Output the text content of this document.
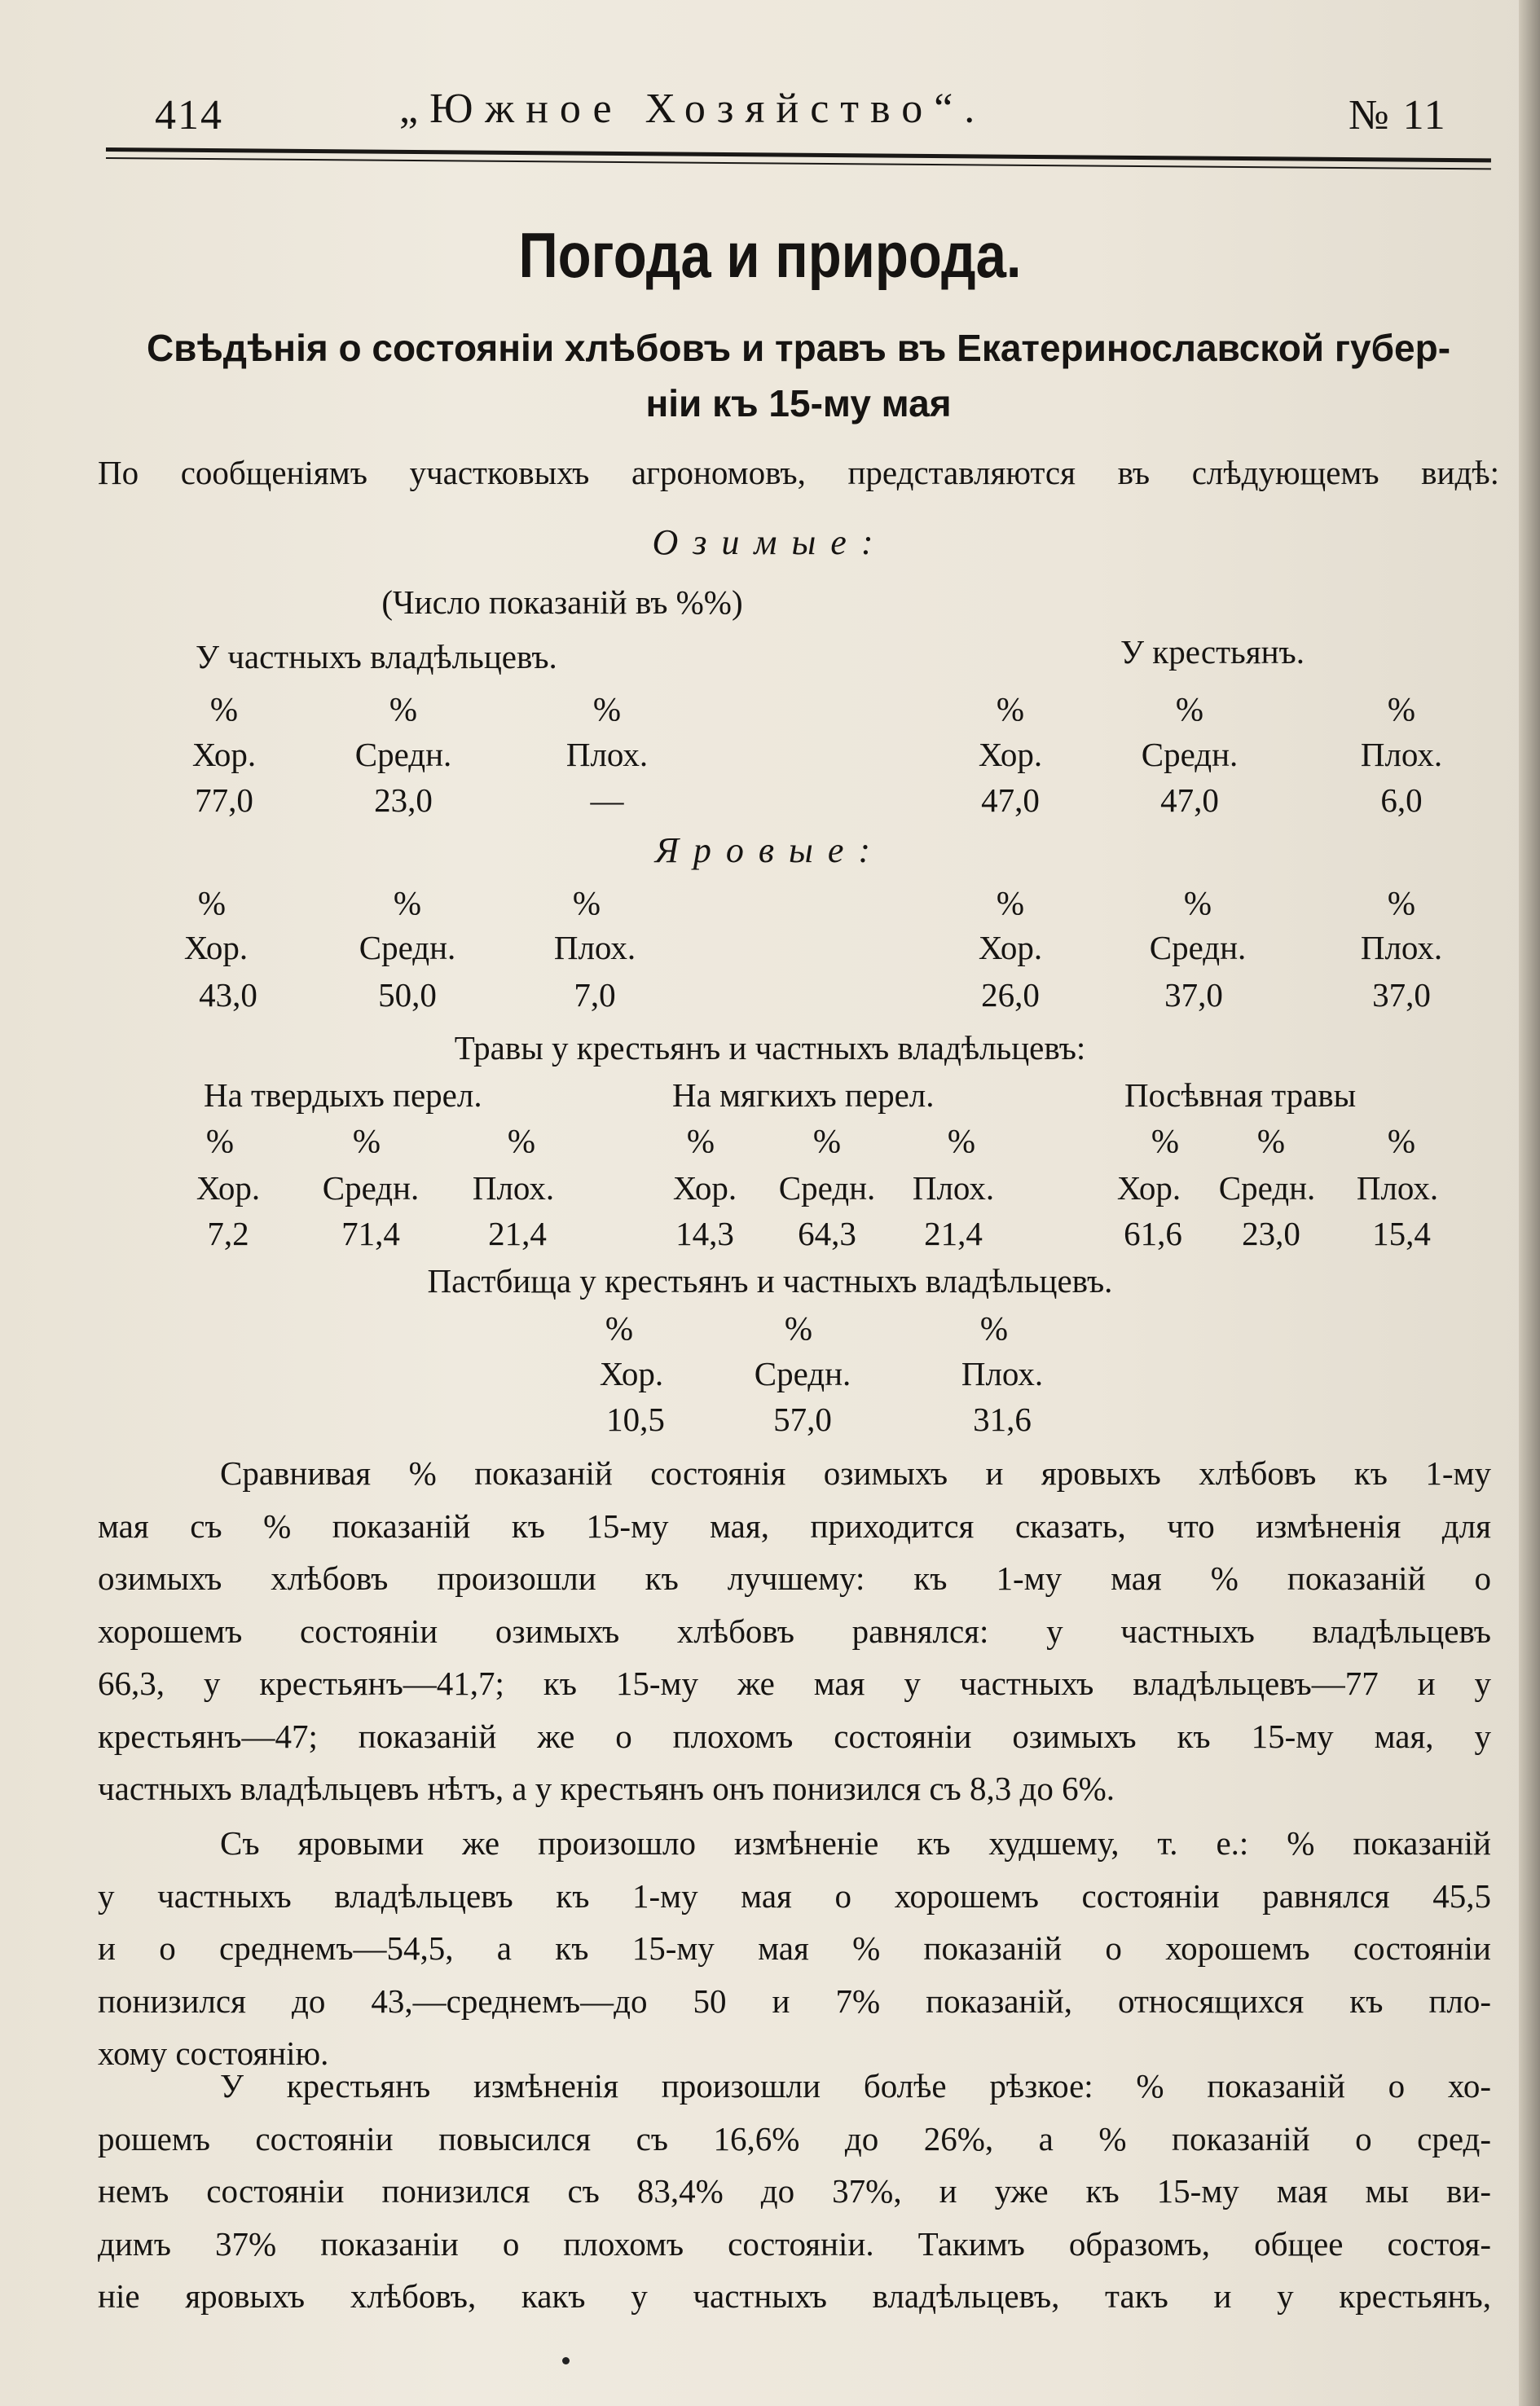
414	„Южное Хозяйство“.	№ 11
Погода и природа.
Свѣдѣнія о состояніи хлѣбовъ и травъ въ Екатеринославской губер-
ніи къ 15-му мая
По сообщеніямъ участковыхъ агрономовъ, представляются въ слѣдующемъ видѣ:
Озимые:
(Число показаній въ %%)
У частныхъ владѣльцевъ.	У крестьянъ.
%	%	%	%	%	%
Хор.	Средн.	Плох.	Хор.	Средн.	Плох.
77,0	23,0	—	47,0	47,0	6,0
Яровые:
%	%	%	%	%	%
Хор.	Средн.	Плох.	Хор.	Средн.	Плох.
43,0	50,0	7,0	26,0	37,0	37,0
Травы у крестьянъ и частныхъ владѣльцевъ:
На твердыхъ перел.	На мягкихъ перел.	Посѣвная травы
%	%	%	%	%	%	%	%	%
Хор.	Средн.	Плох.	Хор.	Средн.	Плох.	Хор.	Средн.	Плох.
7,2	71,4	21,4	14,3	64,3	21,4	61,6	23,0	15,4
Пастбища у крестьянъ и частныхъ владѣльцевъ.
%	%	%
Хор.	Средн.	Плох.
10,5	57,0	31,6
Сравнивая % показаній состоянія озимыхъ и яровыхъ хлѣбовъ къ 1-му
мая съ % показаній къ 15-му мая, приходится сказать, что измѣненія для
озимыхъ хлѣбовъ произошли къ лучшему: къ 1-му мая % показаній о
хорошемъ состояніи озимыхъ хлѣбовъ равнялся: у частныхъ владѣльцевъ
66,3, у крестьянъ—41,7; къ 15-му же мая у частныхъ владѣльцевъ—77 и у
крестьянъ—47; показаній же о плохомъ состояніи озимыхъ къ 15-му мая, у
частныхъ владѣльцевъ нѣтъ, а у крестьянъ онъ понизился съ 8,3 до 6%.
Съ яровыми же произошло измѣненіе къ худшему, т. е.: % показаній
у частныхъ владѣльцевъ къ 1-му мая о хорошемъ состояніи равнялся 45,5
и о среднемъ—54,5, а къ 15-му мая % показаній о хорошемъ состояніи
понизился до 43,—среднемъ—до 50 и 7% показаній, относящихся къ пло-
хому состоянію.
У крестьянъ измѣненія произошли болѣе рѣзкое: % показаній о хо-
рошемъ состояніи повысился съ 16,6% до 26%, а % показаній о сред-
немъ состояніи понизился съ 83,4% до 37%, и уже къ 15-му мая мы ви-
димъ 37% показаніи о плохомъ состояніи. Такимъ образомъ, общее состоя-
ніе яровыхъ хлѣбовъ, какъ у частныхъ владѣльцевъ, такъ и у крестьянъ,
